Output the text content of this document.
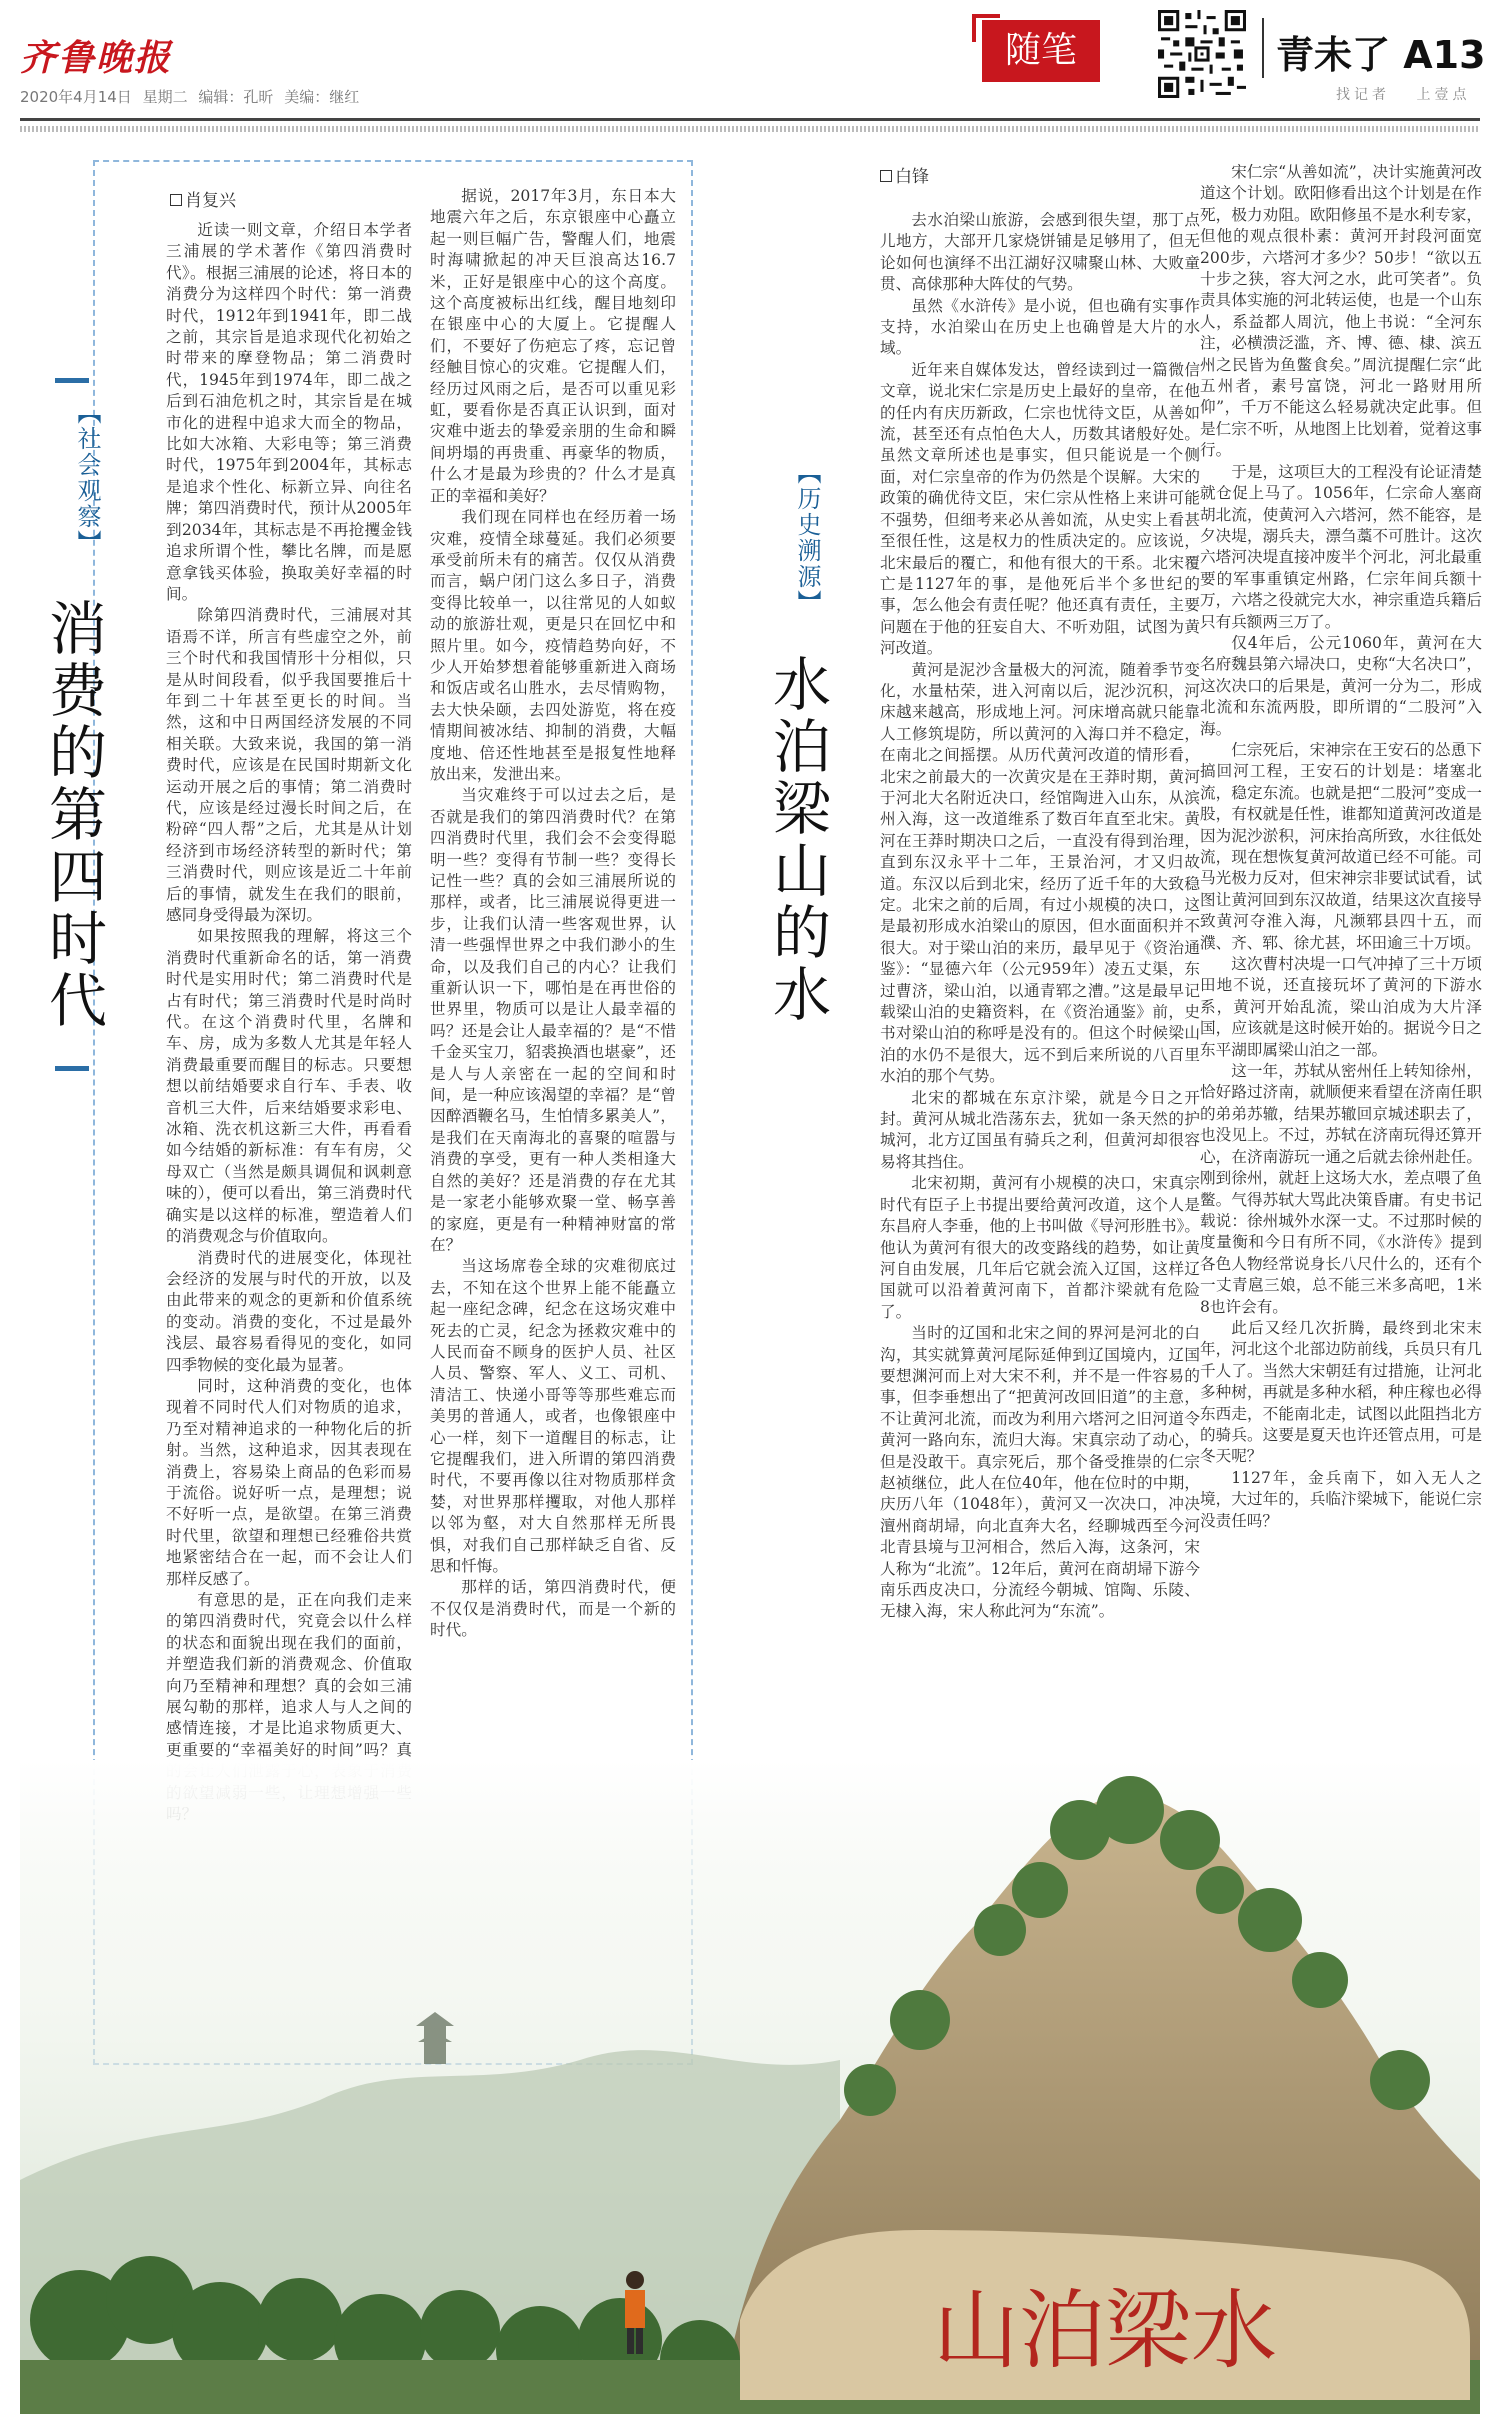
齐鲁晚报
2020年4月14日 星期二 编辑：孔昕 美编：继红
随笔	青未了 A13
找记者 上壹点
【社会观察】
消费的第四时代
肖复兴

近读一则文章，介绍日本学者三浦展的学术著作《第四消费时代》。根据三浦展的论述，将日本的消费分为这样四个时代：第一消费时代，1912年到1941年，即二战之前，其宗旨是追求现代化初始之时带来的摩登物品；第二消费时代，1945年到1974年，即二战之后到石油危机之时，其宗旨是在城市化的进程中追求大而全的物品，比如大冰箱、大彩电等；第三消费时代，1975年到2004年，其标志是追求个性化、标新立异、向往名牌；第四消费时代，预计从2005年到2034年，其标志是不再抢攫金钱追求所谓个性，攀比名牌，而是愿意拿钱买体验，换取美好幸福的时间。

除第四消费时代，三浦展对其语焉不详，所言有些虚空之外，前三个时代和我国情形十分相似，只是从时间段看，似乎我国要推后十年到二十年甚至更长的时间。当然，这和中日两国经济发展的不同相关联。大致来说，我国的第一消费时代，应该是在民国时期新文化运动开展之后的事情；第二消费时代，应该是经过漫长时间之后，在粉碎“四人帮”之后，尤其是从计划经济到市场经济转型的新时代；第三消费时代，则应该是近二十年前后的事情，就发生在我们的眼前，感同身受得最为深切。

如果按照我的理解，将这三个消费时代重新命名的话，第一消费时代是实用时代；第二消费时代是占有时代；第三消费时代是时尚时代。在这个消费时代里，名牌和车、房，成为多数人尤其是年轻人消费最重要而醒目的标志。只要想想以前结婚要求自行车、手表、收音机三大件，后来结婚要求彩电、冰箱、洗衣机这新三大件，再看看如今结婚的新标准：有车有房，父母双亡（当然是颇具调侃和讽刺意味的），便可以看出，第三消费时代确实是以这样的标准，塑造着人们的消费观念与价值取向。

消费时代的进展变化，体现社会经济的发展与时代的开放，以及由此带来的观念的更新和价值系统的变动。消费的变化，不过是最外浅层、最容易看得见的变化，如同四季物候的变化最为显著。

同时，这种消费的变化，也体现着不同时代人们对物质的追求，乃至对精神追求的一种物化后的折射。当然，这种追求，因其表现在消费上，容易染上商品的色彩而易于流俗。说好听一点，是理想；说不好听一点，是欲望。在第三消费时代里，欲望和理想已经雅俗共赏地紧密结合在一起，而不会让人们那样反感了。

有意思的是，正在向我们走来的第四消费时代，究竟会以什么样的状态和面貌出现在我们的面前，并塑造我们新的消费观念、价值取向乃至精神和理想？真的会如三浦展勾勒的那样，追求人与人之间的感情连接，才是比追求物质更大、更重要的“幸福美好的时间”吗？真

据说，2017年3月，东日本大地震六年之后，东京银座中心矗立起一则巨幅广告，警醒人们，地震时海啸掀起的冲天巨浪高达16.7米，正好是银座中心的这个高度。这个高度被标出红线，醒目地刻印在银座中心的大厦上。它提醒人们，不要好了伤疤忘了疼，忘记曾经触目惊心的灾难。它提醒人们，经历过风雨之后，是否可以重见彩虹，要看你是否真正认识到，面对灾难中逝去的挚爱亲朋的生命和瞬间坍塌的再贵重、再豪华的物质，什么才是最为珍贵的？什么才是真正的幸福和美好？

我们现在同样也在经历着一场灾难，疫情全球蔓延。我们必须要承受前所未有的痛苦。仅仅从消费而言，蜗户闭门这么多日子，消费变得比较单一，以往常见的人如蚁动的旅游壮观，更是只在回忆中和照片里。如今，疫情趋势向好，不少人开始梦想着能够重新进入商场和饭店或名山胜水，去尽情购物，去大快朵颐，去四处游览，将在疫情期间被冰结、抑制的消费，大幅度地、倍还性地甚至是报复性地释放出来，发泄出来。

当灾难终于可以过去之后，是否就是我们的第四消费时代？在第四消费时代里，我们会不会变得聪明一些？变得有节制一些？变得长记性一些？真的会如三浦展所说的那样，或者，比三浦展说得更进一步，让我们认清一些客观世界，认清一些强悍世界之中我们渺小的生命，以及我们自己的内心？让我们重新认识一下，哪怕是在再世俗的世界里，物质可以是让人最幸福的吗？还是会让人最幸福的？是“不惜千金买宝刀，貂裘换酒也堪豪”，还是人与人亲密在一起的空间和时间，是一种应该渴望的幸福？是“曾因醉酒鞭名马，生怕情多累美人”，是我们在天南海北的喜聚的喧嚣与消费的享受，更有一种人类相逢大自然的美好？还是消费的存在尤其是一家老小能够欢聚一堂、畅享善的家庭，更是有一种精神财富的常在？

当这场席卷全球的灾难彻底过去，不知在这个世界上能不能矗立起一座纪念碑，纪念在这场灾难中死去的亡灵，纪念为拯救灾难中的人民而奋不顾身的医护人员、社区人员、警察、军人、义工、司机、清洁工、快递小哥等等那些难忘而美男的普通人，或者，也像银座中心一样，刻下一道醒目的标志，让它提醒我们，进入所谓的第四消费时代，不要再像以往对物质那样贪婪，对世界那样攫取，对他人那样以邻为壑，对大自然那样无所畏惧，对我们自己那样缺乏自省、反思和忏悔。

那样的话，第四消费时代，便不仅仅是消费时代，而是一个新的时代。

【历史溯源】
水泊梁山的水
白锋

去水泊梁山旅游，会感到很失望，那丁点儿地方，大部开几家烧饼铺是足够用了，但无论如何也演绎不出江湖好汉啸聚山林、大败童贯、高俅那种大阵仗的气势。

虽然《水浒传》是小说，但也确有实事作支持，水泊梁山在历史上也确曾是大片的水域。

近年来自媒体发达，曾经读到过一篇微信文章，说北宋仁宗是历史上最好的皇帝，在他的任内有庆历新政，仁宗也忧待文臣，从善如流，甚至还有点怕色大人，历数其诸般好处。虽然文章所述也是事实，但只能说是一个侧面，对仁宗皇帝的作为仍然是个误解。大宋的政策的确优待文臣，宋仁宗从性格上来讲可能不强势，但细考来必从善如流，从史实上看甚至很任性，这是权力的性质决定的。应该说，北宋最后的覆亡，和他有很大的干系。北宋覆亡是1127年的事，是他死后半个多世纪的事，怎么他会有责任呢？他还真有责任，主要问题在于他的狂妄自大、不听劝阻，试图为黄河改道。

黄河是泥沙含量极大的河流，随着季节变化，水量枯荣，进入河南以后，泥沙沉积，河床越来越高，形成地上河。河床增高就只能靠人工修筑堤防，所以黄河的入海口并不稳定，在南北之间摇摆。从历代黄河改道的情形看，北宋之前最大的一次黄灾是在王莽时期，黄河于河北大名附近决口，经馆陶进入山东，从滨州入海，这一改道维系了数百年直至北宋。黄河在王莽时期决口之后，一直没有得到治理，直到东汉永平十二年，王景治河，才又归故道。东汉以后到北宋，经历了近千年的大致稳定。北宋之前的后周，有过小规模的决口，这是最初形成水泊梁山的原因，但水面面积并不很大。对于梁山泊的来历，最早见于《资治通鉴》：“显德六年（公元959年）凌五丈渠，东过曹济，梁山泊，以通青郓之漕。”这是最早记载梁山泊的史籍资料，在《资治通鉴》前，史书对梁山泊的称呼是没有的。但这个时候梁山泊的水仍不是很大，远不到后来所说的八百里水泊的那个气势。

北宋的都城在东京汴梁，就是今日之开封。黄河从城北浩荡东去，犹如一条天然的护城河，北方辽国虽有骑兵之利，但黄河却很容易将其挡住。

北宋初期，黄河有小规模的决口，宋真宗时代有臣子上书提出要给黄河改道，这个人是东昌府人李垂，他的上书叫做《导河形胜书》。他认为黄河有很大的改变路线的趋势，如让黄河自由发展，几年后它就会流入辽国，这样辽国就可以沿着黄河南下，首都汴梁就有危险了。

当时的辽国和北宋之间的界河是河北的白沟，其实就算黄河尾际延伸到辽国境内，辽国要想渊河而上对大宋不利，并不是一件容易的事，但李垂想出了“把黄河改回旧道”的主意，不让黄河北流，而改为利用六塔河之旧河道令黄河一路向东，流归大海。宋真宗动了动心，但是没敢干。真宗死后，那个备受推崇的仁宗赵祯继位，此人在位40年，他在位时的中期，庆历八年（1048年），黄河又一次决口，冲决澶州商胡埽，向北直奔大名，经聊城西至今河北青县境与卫河相合，然后入海，这条河，宋人称为“北流”。12年后，黄河在商胡埽下游今南乐西皮决口，分流经今朝城、馆陶、乐陵、无棣入海，宋人称此河为“东流”。

宋仁宗“从善如流”，决计实施黄河改道这个计划。欧阳修看出这个计划是在作死，极力劝阻。欧阳修虽不是水利专家，但他的观点很朴素：黄河开封段河面宽200步，六塔河才多少？50步！“欲以五十步之狭，容大河之水，此可笑者”。负责具体实施的河北转运使，也是一个山东人，系益都人周沆，他上书说：“全河东注，必横溃泛滥，齐、博、德、棣、滨五州之民皆为鱼鳖食矣。”周沆提醒仁宗“此五州者，素号富饶，河北一路财用所仰”，千万不能这么轻易就决定此事。但是仁宗不听，从地图上比划着，觉着这事行。

于是，这项巨大的工程没有论证清楚就仓促上马了。1056年，仁宗命人塞商胡北流，使黄河入六塔河，然不能容，是夕决堤，溺兵夫，漂刍藁不可胜计。这次六塔河决堤直接冲废半个河北，河北最重要的军事重镇定州路，仁宗年间兵额十万，六塔之役就完大水，神宗重造兵籍后只有兵额两三万了。

仅4年后，公元1060年，黄河在大名府魏县第六埽决口，史称“大名决口”，这次决口的后果是，黄河一分为二，形成北流和东流两股，即所谓的“二股河”入海。

仁宗死后，宋神宗在王安石的怂恿下搞回河工程，王安石的计划是：堵塞北流，稳定东流。也就是把“二股河”变成一股，有权就是任性，谁都知道黄河改道是因为泥沙淤积，河床抬高所致，水往低处流，现在想恢复黄河故道已经不可能。司马光极力反对，但宋神宗非要试试看，试图让黄河回到东汉故道，结果这次直接导致黄河夺淮入海，凡濒郓县四十五，而濮、齐、郓、徐尤甚，坏田逾三十万顷。

这次曹村决堤一口气冲掉了三十万顷田地不说，还直接玩坏了黄河的下游水系，黄河开始乱流，梁山泊成为大片泽国，应该就是这时候开始的。据说今日之东平湖即属梁山泊之一部。

这一年，苏轼从密州任上转知徐州，恰好路过济南，就顺便来看望在济南任职的弟弟苏辙，结果苏辙回京城述职去了，也没见上。不过，苏轼在济南玩得还算开心，在济南游玩一通之后就去徐州赴任。刚到徐州，就赶上这场大水，差点喂了鱼鳖。气得苏轼大骂此决策昏庸。有史书记载说：徐州城外水深一丈。不过那时候的度量衡和今日有所不同，《水浒传》提到各色人物经常说身长八尺什么的，还有个一丈青扈三娘，总不能三米多高吧，1米8也许会有。

此后又经几次折腾，最终到北宋末年，河北这个北部边防前线，兵员只有几千人了。当然大宋朝廷有过措施，让河北多种树，再就是多种水稻，种庄稼也必得东西走，不能南北走，试图以此阻挡北方的骑兵。这要是夏天也许还管点用，可是冬天呢？

1127年，金兵南下，如入无人之境，大过年的，兵临汴梁城下，能说仁宗没责任吗？

山泊梁水
